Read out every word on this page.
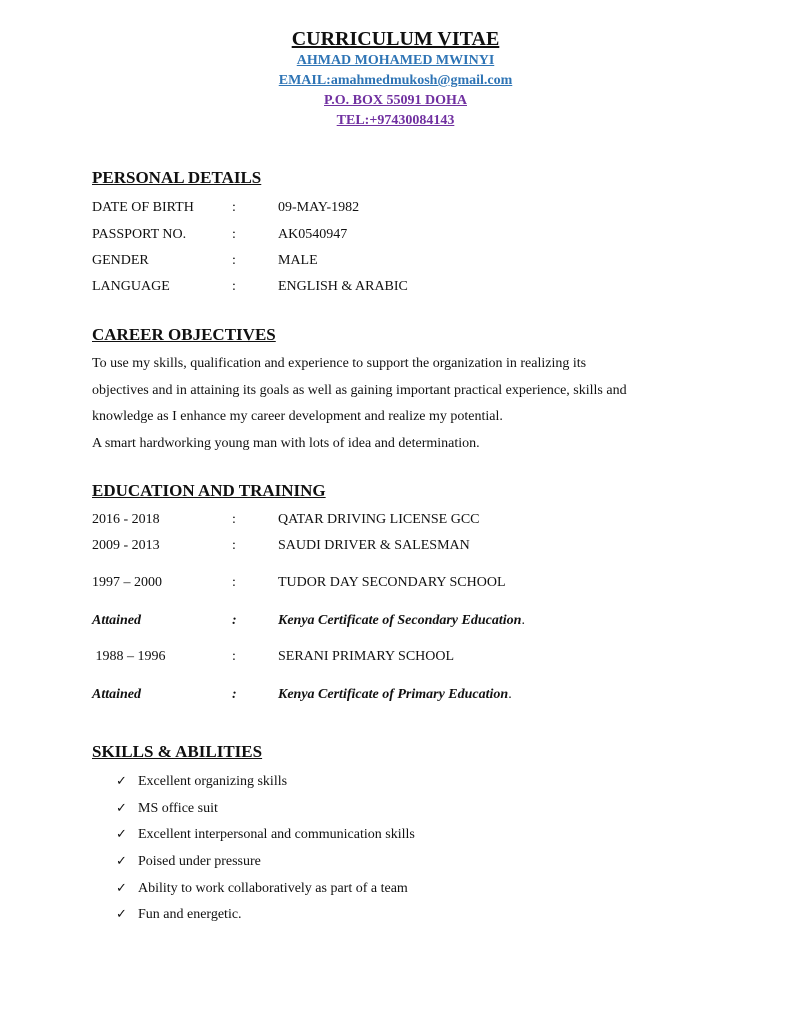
CURRICULUM VITAE
AHMAD MOHAMED MWINYI
EMAIL:amahmedmukosh@gmail.com
P.O. BOX 55091 DOHA
TEL:+97430084143
PERSONAL DETAILS
DATE OF BIRTH	:	09-MAY-1982
PASSPORT NO.	:	AK0540947
GENDER	:	MALE
LANGUAGE	:	ENGLISH & ARABIC
CAREER OBJECTIVES
To use my skills, qualification and experience to support the organization in realizing its
objectives and in attaining its goals as well as gaining important practical experience, skills and
knowledge as I enhance my career development and realize my potential.
A smart hardworking young man with lots of idea and determination.
EDUCATION AND TRAINING
2016 - 2018	:	QATAR DRIVING LICENSE GCC
2009 - 2013	:	SAUDI DRIVER & SALESMAN
1997 – 2000	:	TUDOR DAY SECONDARY SCHOOL
Attained	:	Kenya Certificate of Secondary Education.
1988 – 1996	:	SERANI PRIMARY SCHOOL
Attained	:	Kenya Certificate of Primary Education.
SKILLS & ABILITIES
✓ Excellent organizing skills
✓ MS office suit
✓ Excellent interpersonal and communication skills
✓ Poised under pressure
✓ Ability to work collaboratively as part of a team
✓ Fun and energetic.
